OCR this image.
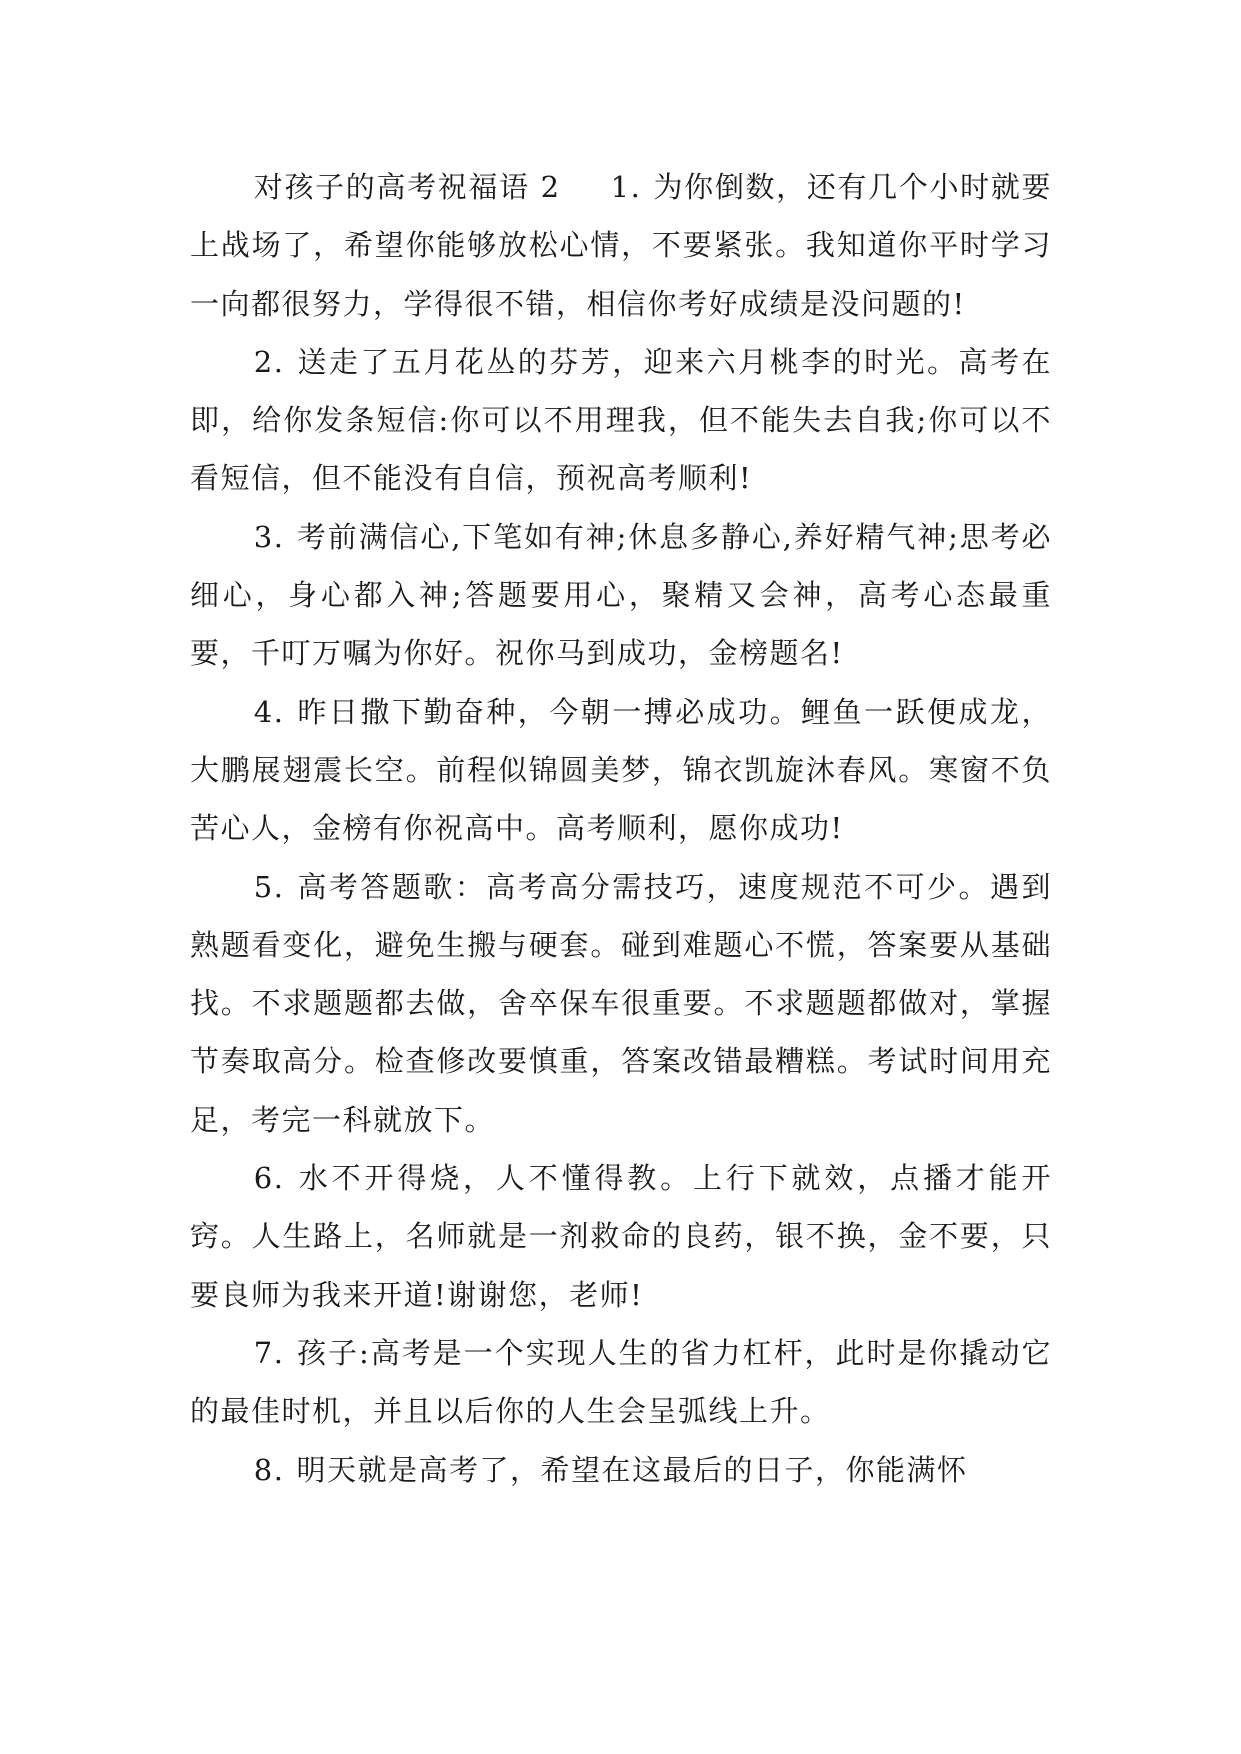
对孩子的高考祝福语 2 1. 为你倒数，还有几个小时就要上战场了，希望你能够放松心情，不要紧张。我知道你平时学习一向都很努力，学得很不错，相信你考好成绩是没问题的!

2. 送走了五月花丛的芬芳，迎来六月桃李的时光。高考在即，给你发条短信:你可以不用理我，但不能失去自我;你可以不看短信，但不能没有自信，预祝高考顺利!

3. 考前满信心,下笔如有神;休息多静心,养好精气神;思考必细心，身心都入神;答题要用心，聚精又会神，高考心态最重要，千叮万嘱为你好。祝你马到成功，金榜题名!

4. 昨日撒下勤奋种，今朝一搏必成功。鲤鱼一跃便成龙，大鹏展翅震长空。前程似锦圆美梦，锦衣凯旋沐春风。寒窗不负苦心人，金榜有你祝高中。高考顺利，愿你成功!

5. 高考答题歌：高考高分需技巧，速度规范不可少。遇到熟题看变化，避免生搬与硬套。碰到难题心不慌，答案要从基础找。不求题题都去做，舍卒保车很重要。不求题题都做对，掌握节奏取高分。检查修改要慎重，答案改错最糟糕。考试时间用充足，考完一科就放下。

6. 水不开得烧，人不懂得教。上行下就效，点播才能开窍。人生路上，名师就是一剂救命的良药，银不换，金不要，只要良师为我来开道!谢谢您，老师!

7. 孩子:高考是一个实现人生的省力杠杆，此时是你撬动它的最佳时机，并且以后你的人生会呈弧线上升。

8. 明天就是高考了，希望在这最后的日子，你能满怀
